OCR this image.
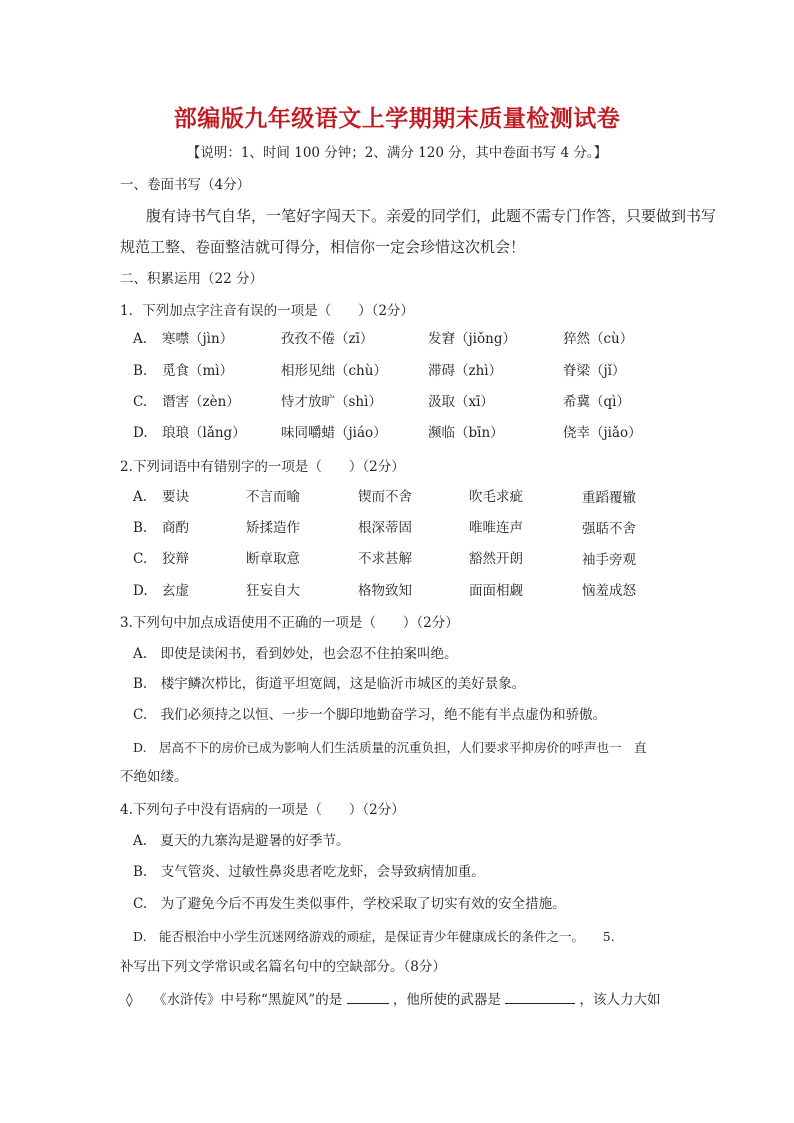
部编版九年级语文上学期期末质量检测试卷
【说明：1、时间 100 分钟；2、满分 120 分，其中卷面书写 4 分。】
一、卷面书写（4分）
腹有诗书气自华，一笔好字闯天下。亲爱的同学们，此题不需专门作答，只要做到书写
规范工整、卷面整洁就可得分，相信你一定会珍惜这次机会！
二、积累运用（22 分）
1．下列加点字注音有误的一项是（　　）（2分）
A. 寒噤（jìn）	孜孜不倦（zī）	发窘（jiǒng）	猝然（cù）
B. 觅食（mì）	相形见绌（chù）	滞碍（zhì）	脊梁（jǐ）
C. 谮害（zèn）	恃才放旷（shì）	汲取（xī）	希冀（qì）
D. 琅琅（lǎng）	味同嚼蜡（jiáo）	濒临（bīn）	侥幸（jiǎo）
2.下列词语中有错别字的一项是（　　）（2分）
A. 要诀	不言而喻	锲而不舍	吹毛求疵	重蹈覆辙
B. 商酌	矫揉造作	根深蒂固	唯唯连声	强聒不舍
C. 狡辩	断章取意	不求甚解	豁然开朗	袖手旁观
D. 玄虚	狂妄自大	格物致知	面面相觑	恼羞成怒
3.下列句中加点成语使用不正确的一项是（　　）（2分）
A.　即使是读闲书，看到妙处，也会忍不住拍案叫绝。
B.　楼宇鳞次栉比，街道平坦宽阔，这是临沂市城区的美好景象。
C.　我们必须持之以恒、一步一个脚印地勤奋学习，绝不能有半点虚伪和骄傲。
D.　居高不下的房价已成为影响人们生活质量的沉重负担，人们要求平抑房价的呼声也一　直
不绝如缕。
4.下列句子中没有语病的一项是（　　）（2分）
A.　夏天的九寨沟是避暑的好季节。
B.　支气管炎、过敏性鼻炎患者吃龙虾，会导致病情加重。
C.　为了避免今后不再发生类似事件，学校采取了切实有效的安全措施。
D.　能否根治中小学生沉迷网络游戏的顽症，是保证青少年健康成长的条件之一。　　5.
补写出下列文学常识或名篇名句中的空缺部分。（8分）
◊ 《水浒传》中号称“黑旋风”的是	，他所使的武器是	，该人力大如
